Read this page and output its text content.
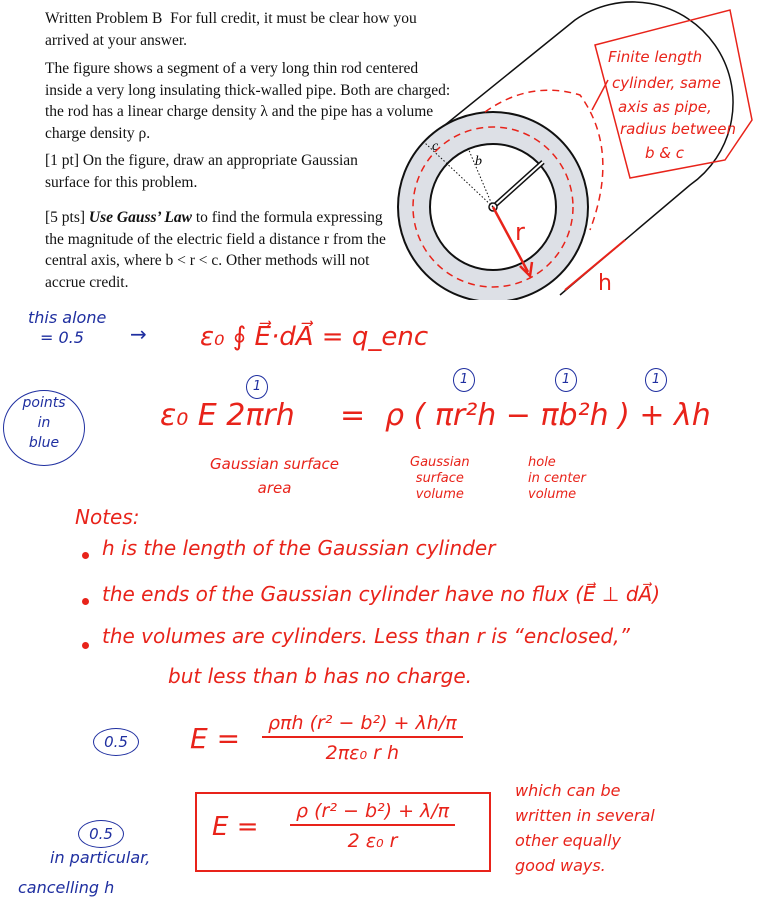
Written Problem B For full credit, it must be clear how you arrived at your answer.
The figure shows a segment of a very long thin rod centered inside a very long insulating thick-walled pipe. Both are charged: the rod has a linear charge density λ and the pipe has a volume charge density ρ.
[1 pt] On the figure, draw an appropriate Gaussian surface for this problem.
[5 pts] Use Gauss’ Law to find the formula expressing the magnitude of the electric field a distance r from the central axis, where b < r < c. Other methods will not accrue credit.
c
b
r
h
Finite length
cylinder, same
axis as pipe,
radius between
b & c
this alone
= 0.5 → ε₀ ∮ E⃗·dA⃗ = q_enc
points
in
blue
1	1	1	1
ε₀ E 2πrh = ρ ( πr²h − πb²h ) + λh
Gaussian surface
area
Gaussian
surface
volume
hole
in center
volume
Notes:
h is the length of the Gaussian cylinder
the ends of the Gaussian cylinder have no flux (E⃗ ⊥ dA⃗)
the volumes are cylinders. Less than r is “enclosed,”
but less than b has no charge.
0.5	E =	ρπh (r² − b²) + λh/π
2πε₀ r h
$E = \frac{\text{ρ (r² − b²) + λ/π}}{\text{2 ε₀ r}}$
which can be
written in several
other equally
good ways.
0.5
in particular,
cancelling h
